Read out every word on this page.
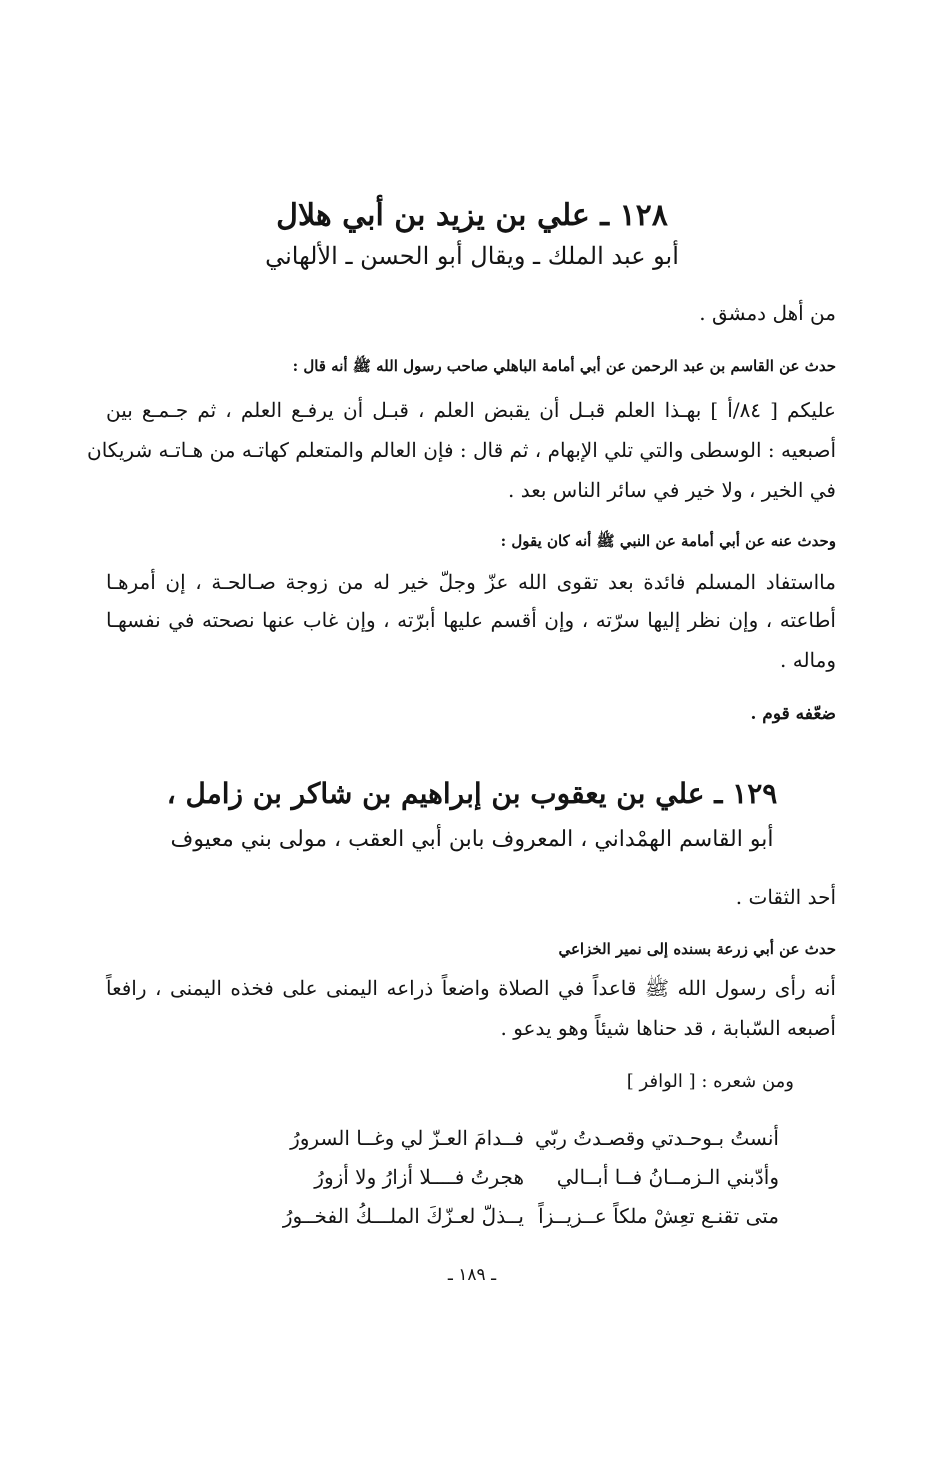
١٢٨ ـ علي بن يزيد بن أبي هلال
أبو عبد الملك ـ ويقال أبو الحسن ـ الألهاني
من أهل دمشق .
حدث عن القاسم بن عبد الرحمن عن أبي أمامة الباهلي صاحب رسول الله ﷺ أنه قال :
عليكم [ ٨٤/أ ] بهـذا العلم قبـل أن يقبض العلم ، قبـل أن يرفـع العلم ، ثم جـمـع بين
أصبعيه : الوسطى والتي تلي الإبهام ، ثم قال : فإن العالم والمتعلم كهاتـه من هـاتـه شريكان
في الخير ، ولا خير في سائر الناس بعد .
وحدث عنه عن أبي أمامة عن النبي ﷺ أنه كان يقول :
مااستفاد المسلم فائدة بعد تقوى الله عزّ وجلّ خير له من زوجة صـالحـة ، إن أمرهـا
أطاعته ، وإن نظر إليها سرّته ، وإن أقسم عليها أبرّته ، وإن غاب عنها نصحته في نفسهـا
وماله .
ضعّفه قوم .
١٢٩ ـ علي بن يعقوب بن إبراهيم بن شاكر بن زامل ،
أبو القاسم الهمْداني ، المعروف بابن أبي العقب ، مولى بني معيوف
أحد الثقات .
حدث عن أبي زرعة بسنده إلى نمير الخزاعي
أنه رأى رسول الله ﷺ قاعداً في الصلاة واضعاً ذراعه اليمنى على فخذه اليمنى ، رافعاً
أصبعه السّبابة ، قد حناها شيئاً وهو يدعو .
ومن شعره : [ الوافر ]
أنستُ بـوحـدتي وقصـدتُ ربّي
فــدامَ العـزّ لي وغــا السرورُ
وأدّبني الـزمــانُ فــا أبــالي
هجرتُ فــــلا أزارُ ولا أزورُ
متى تقنـع تعِشْ ملكاً عــزيــزاً
يــذلّ لعـزّكَ الملـــكُ الفخــورُ
ـ ١٨٩ ـ
